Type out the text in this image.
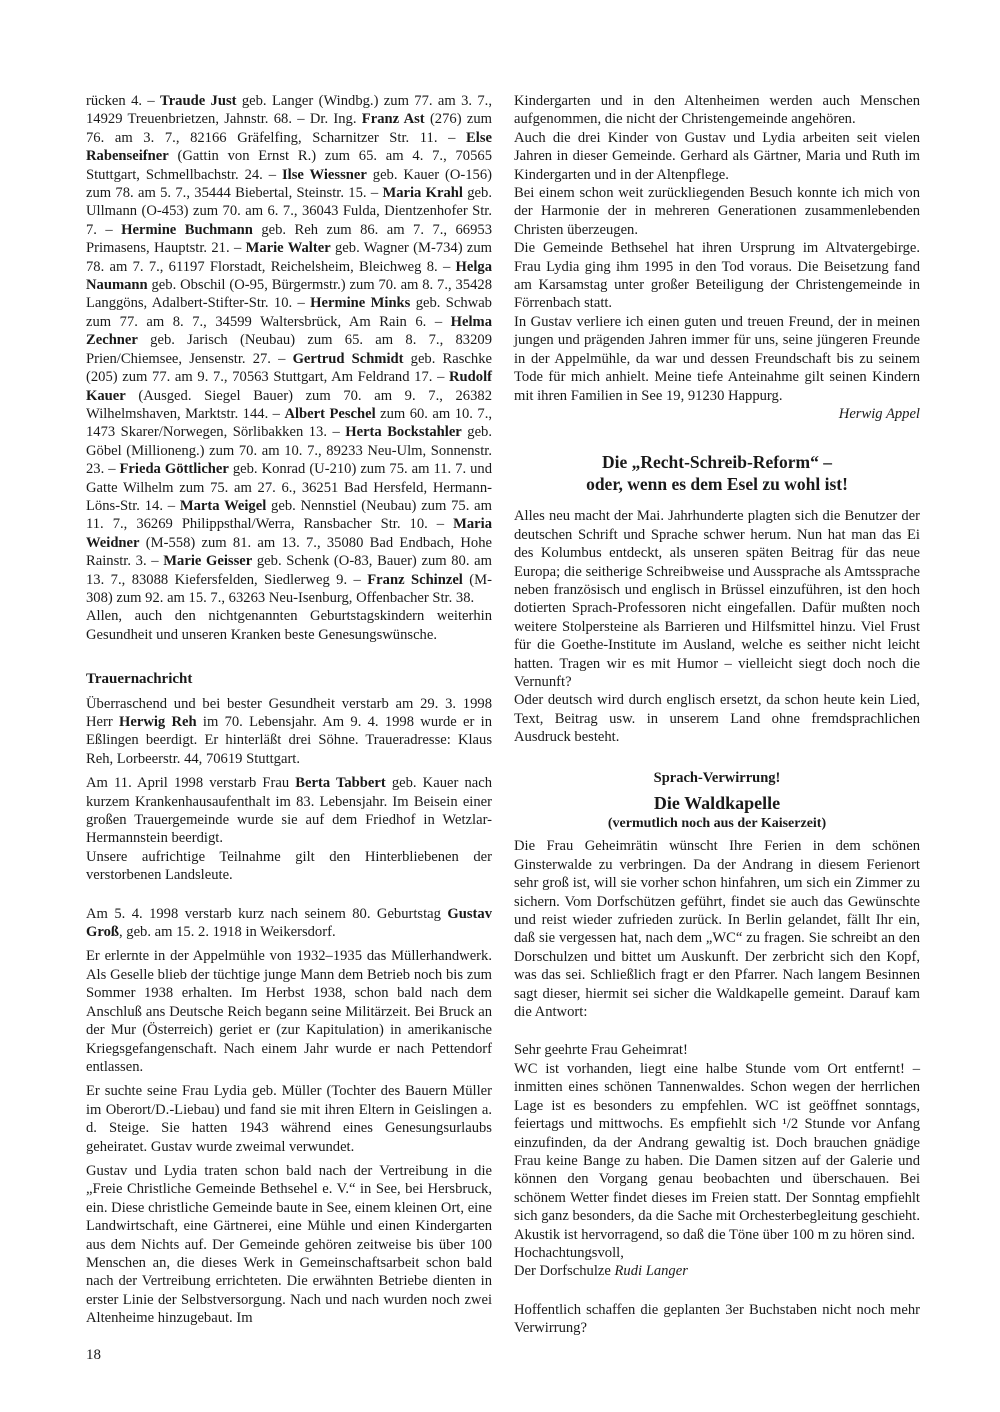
rücken 4. – Traude Just geb. Langer (Windbg.) zum 77. am 3. 7., 14929 Treuenbrietzen, Jahnstr. 68. – Dr. Ing. Franz Ast (276) zum 76. am 3. 7., 82166 Gräfelfing, Scharnitzer Str. 11. – Else Rabenseifner (Gattin von Ernst R.) zum 65. am 4. 7., 70565 Stuttgart, Schmellbachstr. 24. – Ilse Wiessner geb. Kauer (O-156) zum 78. am 5. 7., 35444 Biebertal, Steinstr. 15. – Maria Krahl geb. Ullmann (O-453) zum 70. am 6. 7., 36043 Fulda, Dientzenhofer Str. 7. – Hermine Buchmann geb. Reh zum 86. am 7. 7., 66953 Primasens, Hauptstr. 21. – Marie Walter geb. Wagner (M-734) zum 78. am 7. 7., 61197 Florstadt, Reichelsheim, Bleichweg 8. – Helga Naumann geb. Obschil (O-95, Bürgermstr.) zum 70. am 8. 7., 35428 Langgöns, Adalbert-Stifter-Str. 10. – Hermine Minks geb. Schwab zum 77. am 8. 7., 34599 Waltersbrück, Am Rain 6. – Helma Zechner geb. Jarisch (Neubau) zum 65. am 8. 7., 83209 Prien/Chiemsee, Jensenstr. 27. – Gertrud Schmidt geb. Raschke (205) zum 77. am 9. 7., 70563 Stuttgart, Am Feldrand 17. – Rudolf Kauer (Ausged. Siegel Bauer) zum 70. am 9. 7., 26382 Wilhelmshaven, Marktstr. 144. – Albert Peschel zum 60. am 10. 7., 1473 Skarer/Norwegen, Sörlibakken 13. – Herta Bockstahler geb. Göbel (Millioneng.) zum 70. am 10. 7., 89233 Neu-Ulm, Sonnenstr. 23. – Frieda Göttlicher geb. Konrad (U-210) zum 75. am 11. 7. und Gatte Wilhelm zum 75. am 27. 6., 36251 Bad Hersfeld, Hermann-Löns-Str. 14. – Marta Weigel geb. Nennstiel (Neubau) zum 75. am 11. 7., 36269 Philippsthal/Werra, Ransbacher Str. 10. – Maria Weidner (M-558) zum 81. am 13. 7., 35080 Bad Endbach, Hohe Rainstr. 3. – Marie Geisser geb. Schenk (O-83, Bauer) zum 80. am 13. 7., 83088 Kiefersfelden, Siedlerweg 9. – Franz Schinzel (M-308) zum 92. am 15. 7., 63263 Neu-Isenburg, Offenbacher Str. 38.

Allen, auch den nichtgenannten Geburtstagskindern weiterhin Gesundheit und unseren Kranken beste Genesungswünsche.

Trauernachricht

Überraschend und bei bester Gesundheit verstarb am 29. 3. 1998 Herr Herwig Reh im 70. Lebensjahr. Am 9. 4. 1998 wurde er in Eßlingen beerdigt. Er hinterläßt drei Söhne. Traueradresse: Klaus Reh, Lorbeerstr. 44, 70619 Stuttgart.

Am 11. April 1998 verstarb Frau Berta Tabbert geb. Kauer nach kurzem Krankenhausaufenthalt im 83. Lebensjahr. Im Beisein einer großen Trauergemeinde wurde sie auf dem Friedhof in Wetzlar-Hermannstein beerdigt.

Unsere aufrichtige Teilnahme gilt den Hinterbliebenen der verstorbenen Landsleute.

Am 5. 4. 1998 verstarb kurz nach seinem 80. Geburtstag Gustav Groß, geb. am 15. 2. 1918 in Weikersdorf.

Er erlernte in der Appelmühle von 1932–1935 das Müllerhandwerk. Als Geselle blieb der tüchtige junge Mann dem Betrieb noch bis zum Sommer 1938 erhalten. Im Herbst 1938, schon bald nach dem Anschluß ans Deutsche Reich begann seine Militärzeit. Bei Bruck an der Mur (Österreich) geriet er (zur Kapitulation) in amerikanische Kriegsgefangenschaft. Nach einem Jahr wurde er nach Pettendorf entlassen.

Er suchte seine Frau Lydia geb. Müller (Tochter des Bauern Müller im Oberort/D.-Liebau) und fand sie mit ihren Eltern in Geislingen a. d. Steige. Sie hatten 1943 während eines Genesungsurlaubs geheiratet. Gustav wurde zweimal verwundet.

Gustav und Lydia traten schon bald nach der Vertreibung in die „Freie Christliche Gemeinde Bethsehel e. V.“ in See, bei Hersbruck, ein. Diese christliche Gemeinde baute in See, einem kleinen Ort, eine Landwirtschaft, eine Gärtnerei, eine Mühle und einen Kindergarten aus dem Nichts auf. Der Gemeinde gehören zeitweise bis über 100 Menschen an, die dieses Werk in Gemeinschaftsarbeit schon bald nach der Vertreibung errichteten. Die erwähnten Betriebe dienten in erster Linie der Selbstversorgung. Nach und nach wurden noch zwei Altenheime hinzugebaut. Im

Kindergarten und in den Altenheimen werden auch Menschen aufgenommen, die nicht der Christengemeinde angehören.

Auch die drei Kinder von Gustav und Lydia arbeiten seit vielen Jahren in dieser Gemeinde. Gerhard als Gärtner, Maria und Ruth im Kindergarten und in der Altenpflege.

Bei einem schon weit zurückliegenden Besuch konnte ich mich von der Harmonie der in mehreren Generationen zusammenlebenden Christen überzeugen.

Die Gemeinde Bethsehel hat ihren Ursprung im Altvatergebirge. Frau Lydia ging ihm 1995 in den Tod voraus. Die Beisetzung fand am Karsamstag unter großer Beteiligung der Christengemeinde in Förrenbach statt.

In Gustav verliere ich einen guten und treuen Freund, der in meinen jungen und prägenden Jahren immer für uns, seine jüngeren Freunde in der Appelmühle, da war und dessen Freundschaft bis zu seinem Tode für mich anhielt. Meine tiefe Anteinahme gilt seinen Kindern mit ihren Familien in See 19, 91230 Happurg.

Herwig Appel

Die „Recht-Schreib-Reform“ –
oder, wenn es dem Esel zu wohl ist!

Alles neu macht der Mai. Jahrhunderte plagten sich die Benutzer der deutschen Schrift und Sprache schwer herum. Nun hat man das Ei des Kolumbus entdeckt, als unseren späten Beitrag für das neue Europa; die seitherige Schreibweise und Aussprache als Amtssprache neben französisch und englisch in Brüssel einzuführen, ist den hoch dotierten Sprach-Professoren nicht eingefallen. Dafür mußten noch weitere Stolpersteine als Barrieren und Hilfsmittel hinzu. Viel Frust für die Goethe-Institute im Ausland, welche es seither nicht leicht hatten. Tragen wir es mit Humor – vielleicht siegt doch noch die Vernunft?

Oder deutsch wird durch englisch ersetzt, da schon heute kein Lied, Text, Beitrag usw. in unserem Land ohne fremdsprachlichen Ausdruck besteht.

Sprach-Verwirrung!
Die Waldkapelle
(vermutlich noch aus der Kaiserzeit)

Die Frau Geheimrätin wünscht Ihre Ferien in dem schönen Ginsterwalde zu verbringen. Da der Andrang in diesem Ferienort sehr groß ist, will sie vorher schon hinfahren, um sich ein Zimmer zu sichern. Vom Dorfschützen geführt, findet sie auch das Gewünschte und reist wieder zufrieden zurück. In Berlin gelandet, fällt Ihr ein, daß sie vergessen hat, nach dem „WC“ zu fragen. Sie schreibt an den Dorschulzen und bittet um Auskunft. Der zerbricht sich den Kopf, was das sei. Schließlich fragt er den Pfarrer. Nach langem Besinnen sagt dieser, hiermit sei sicher die Waldkapelle gemeint. Darauf kam die Antwort:

Sehr geehrte Frau Geheimrat!

WC ist vorhanden, liegt eine halbe Stunde vom Ort entfernt! – inmitten eines schönen Tannenwaldes. Schon wegen der herrlichen Lage ist es besonders zu empfehlen. WC ist geöffnet sonntags, feiertags und mittwochs. Es empfiehlt sich ¹/2 Stunde vor Anfang einzufinden, da der Andrang gewaltig ist. Doch brauchen gnädige Frau keine Bange zu haben. Die Damen sitzen auf der Galerie und können den Vorgang genau beobachten und überschauen. Bei schönem Wetter findet dieses im Freien statt. Der Sonntag empfiehlt sich ganz besonders, da die Sache mit Orchesterbegleitung geschieht. Akustik ist hervorragend, so daß die Töne über 100 m zu hören sind.

Hochachtungsvoll,

Der Dorfschulze Rudi Langer

Hoffentlich schaffen die geplanten 3er Buchstaben nicht noch mehr Verwirrung?

18
